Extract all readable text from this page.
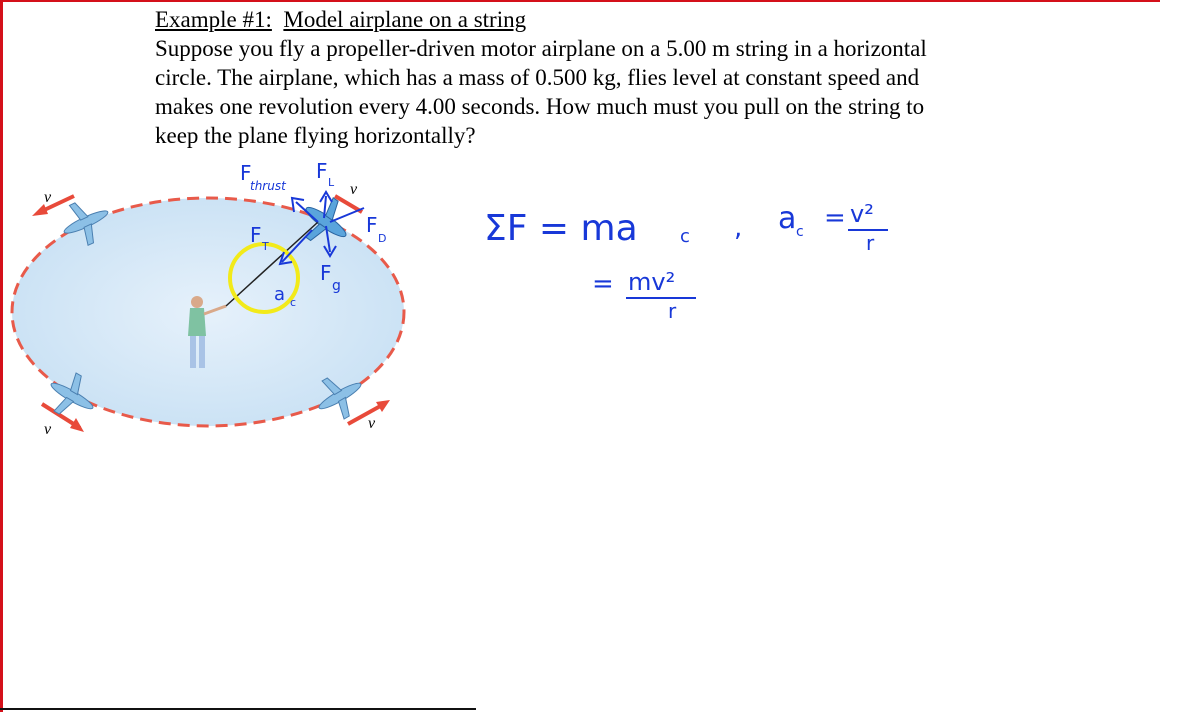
Example #1: Model airplane on a string
Suppose you fly a propeller-driven motor airplane on a 5.00 m string in a horizontal
circle. The airplane, which has a mass of 0.500 kg, flies level at constant speed and
makes one revolution every 4.00 seconds. How much must you pull on the string to
keep the plane flying horizontally?
v	v
v	v
F
thrust
F L
F
D
F
g
F T
a c
ΣF = ma c , a c = v²
r
= mv²
r
